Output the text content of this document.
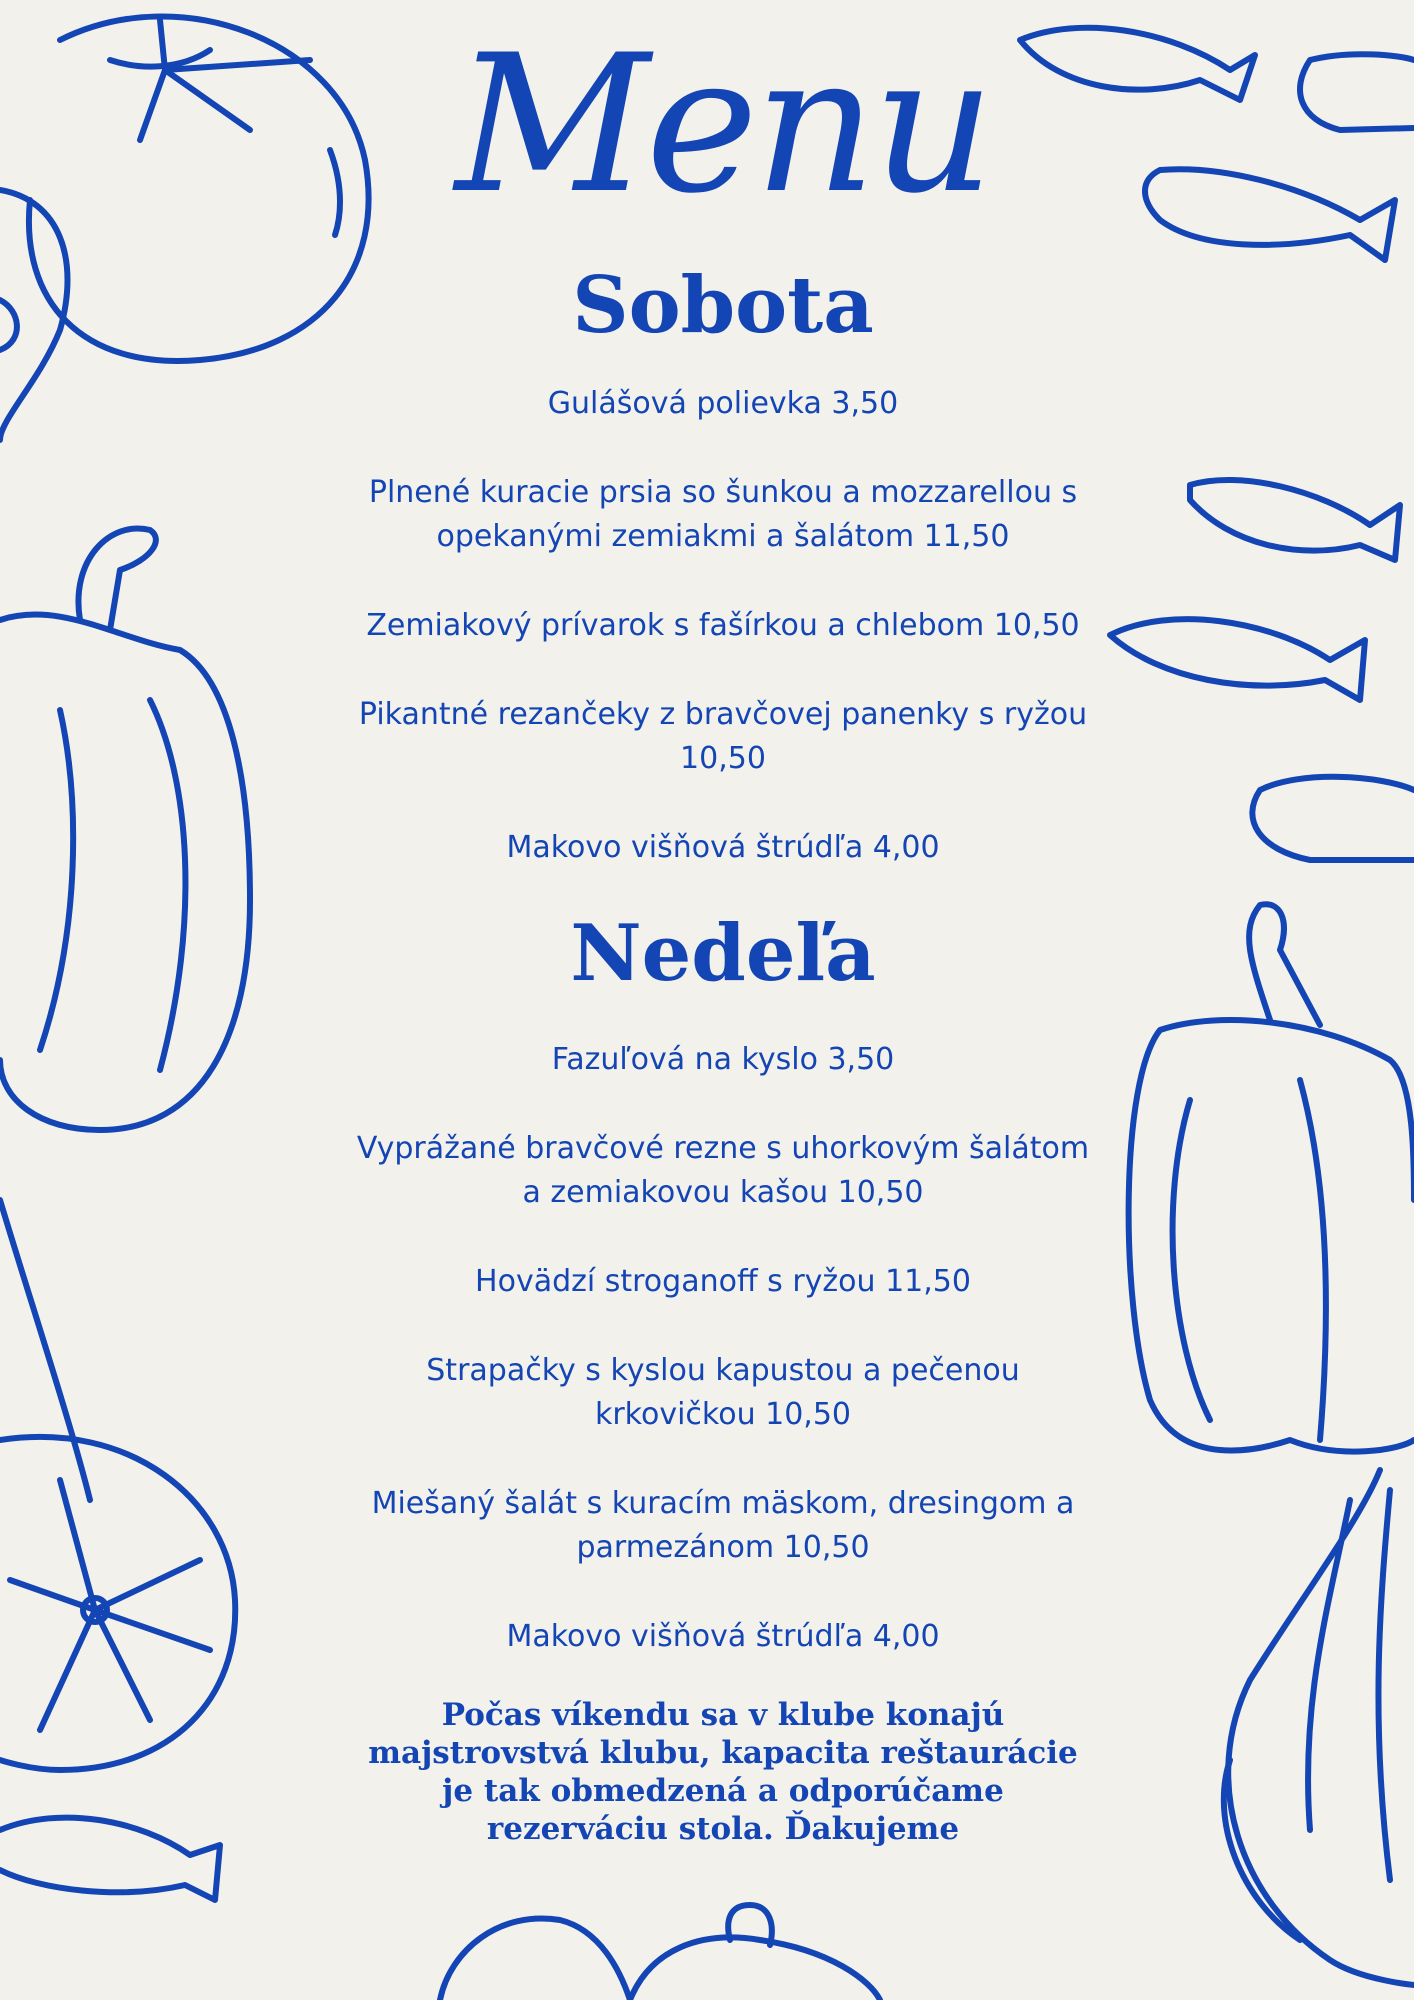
Menu
Sobota
Gulášová polievka 3,50
Plnené kuracie prsia so šunkou a mozzarellou s opekanými zemiakmi a šalátom 11,50
Zemiakový prívarok s fašírkou a chlebom 10,50
Pikantné rezančeky z bravčovej panenky s ryžou 10,50
Makovo višňová štrúdľa 4,00
Nedeľa
Fazuľová na kyslo 3,50
Vyprážané bravčové rezne s uhorkovým šalátom a zemiakovou kašou 10,50
Hovädzí stroganoff s ryžou 11,50
Strapačky s kyslou kapustou a pečenou krkovičkou 10,50
Miešaný šalát s kuracím mäskom, dresingom a parmezánom 10,50
Makovo višňová štrúdľa 4,00
Počas víkendu sa v klube konajú majstrovstvá klubu, kapacita reštaurácie je tak obmedzená a odporúčame rezerváciu stola. Ďakujeme
